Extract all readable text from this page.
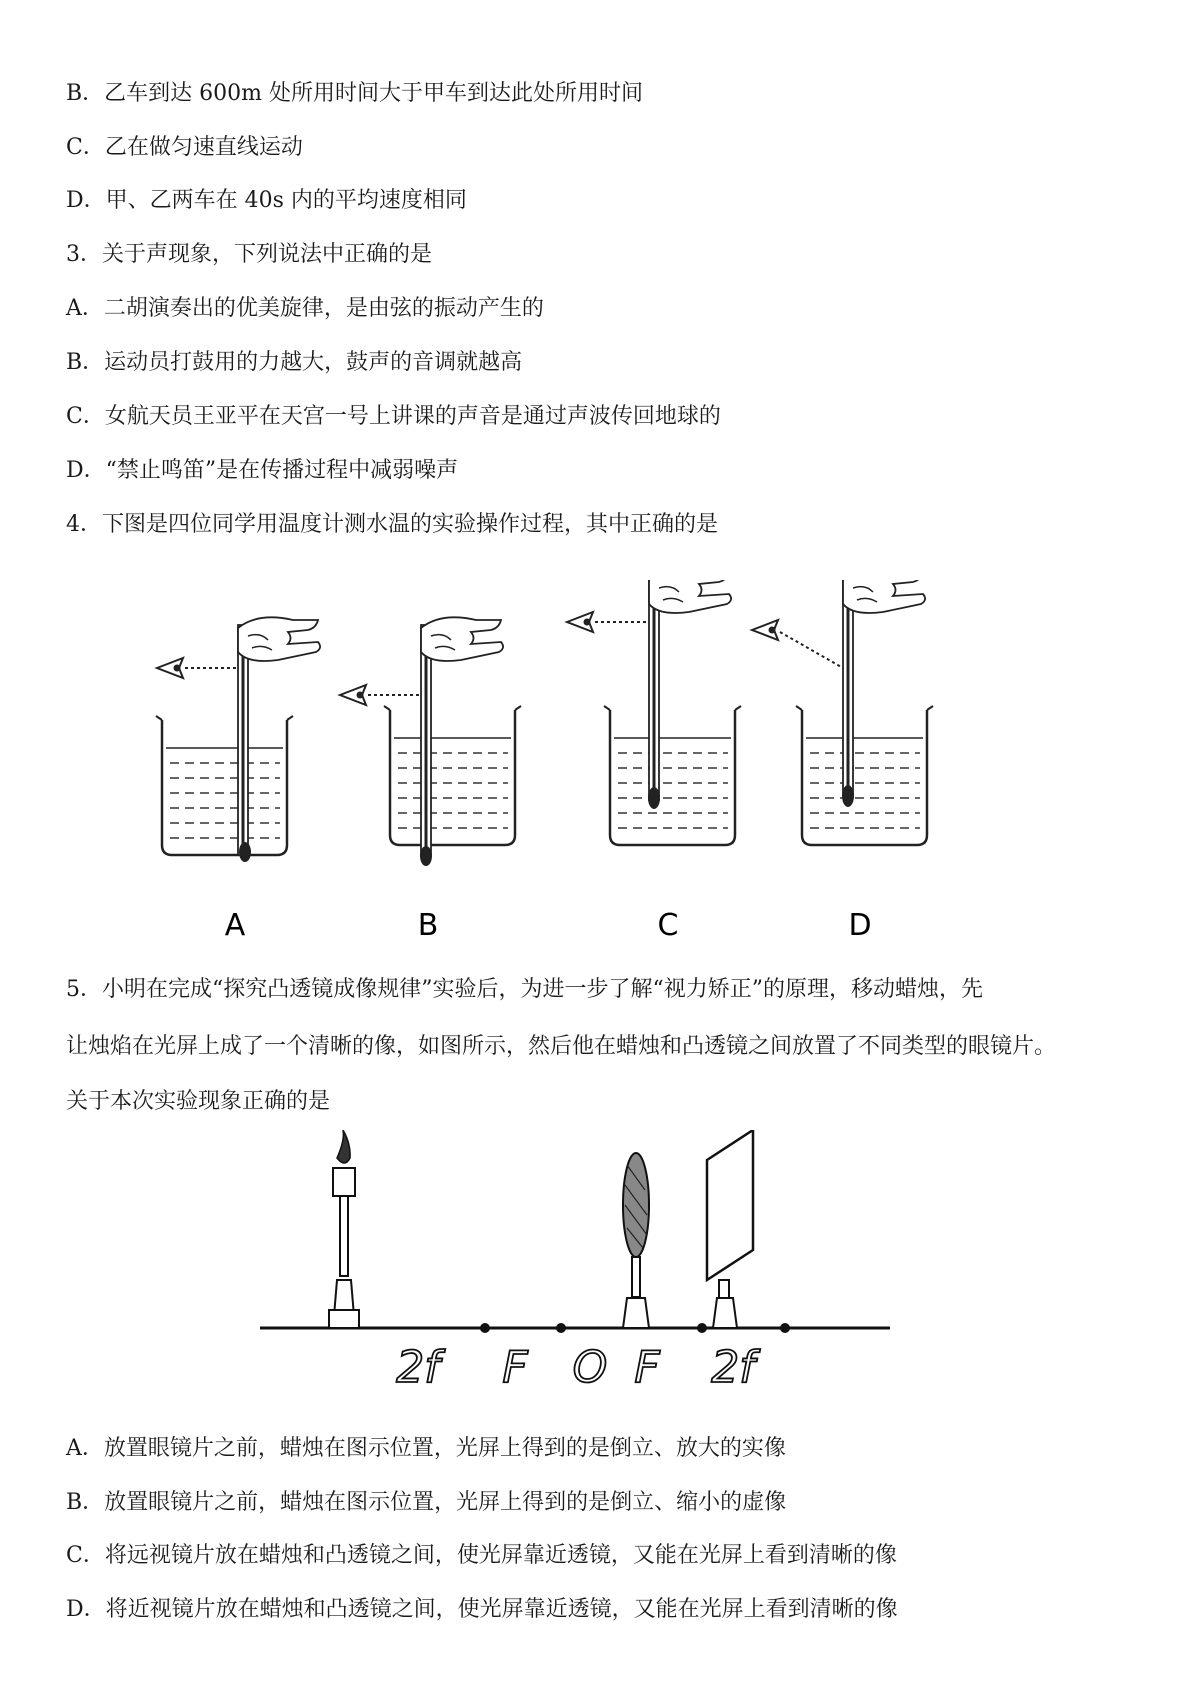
B．乙车到达 600m 处所用时间大于甲车到达此处所用时间
C．乙在做匀速直线运动
D．甲、乙两车在 40s 内的平均速度相同
3．关于声现象，下列说法中正确的是
A．二胡演奏出的优美旋律，是由弦的振动产生的
B．运动员打鼓用的力越大，鼓声的音调就越高
C．女航天员王亚平在天宫一号上讲课的声音是通过声波传回地球的
D．“禁止鸣笛”是在传播过程中减弱噪声
4．下图是四位同学用温度计测水温的实验操作过程，其中正确的是
A	B	C	D
5．小明在完成“探究凸透镜成像规律”实验后，为进一步了解“视力矫正”的原理，移动蜡烛，先
让烛焰在光屏上成了一个清晰的像，如图所示，然后他在蜡烛和凸透镜之间放置了不同类型的眼镜片。
关于本次实验现象正确的是
2f F O F 2f
A．放置眼镜片之前，蜡烛在图示位置，光屏上得到的是倒立、放大的实像
B．放置眼镜片之前，蜡烛在图示位置，光屏上得到的是倒立、缩小的虚像
C．将远视镜片放在蜡烛和凸透镜之间，使光屏靠近透镜，又能在光屏上看到清晰的像
D．将近视镜片放在蜡烛和凸透镜之间，使光屏靠近透镜，又能在光屏上看到清晰的像
